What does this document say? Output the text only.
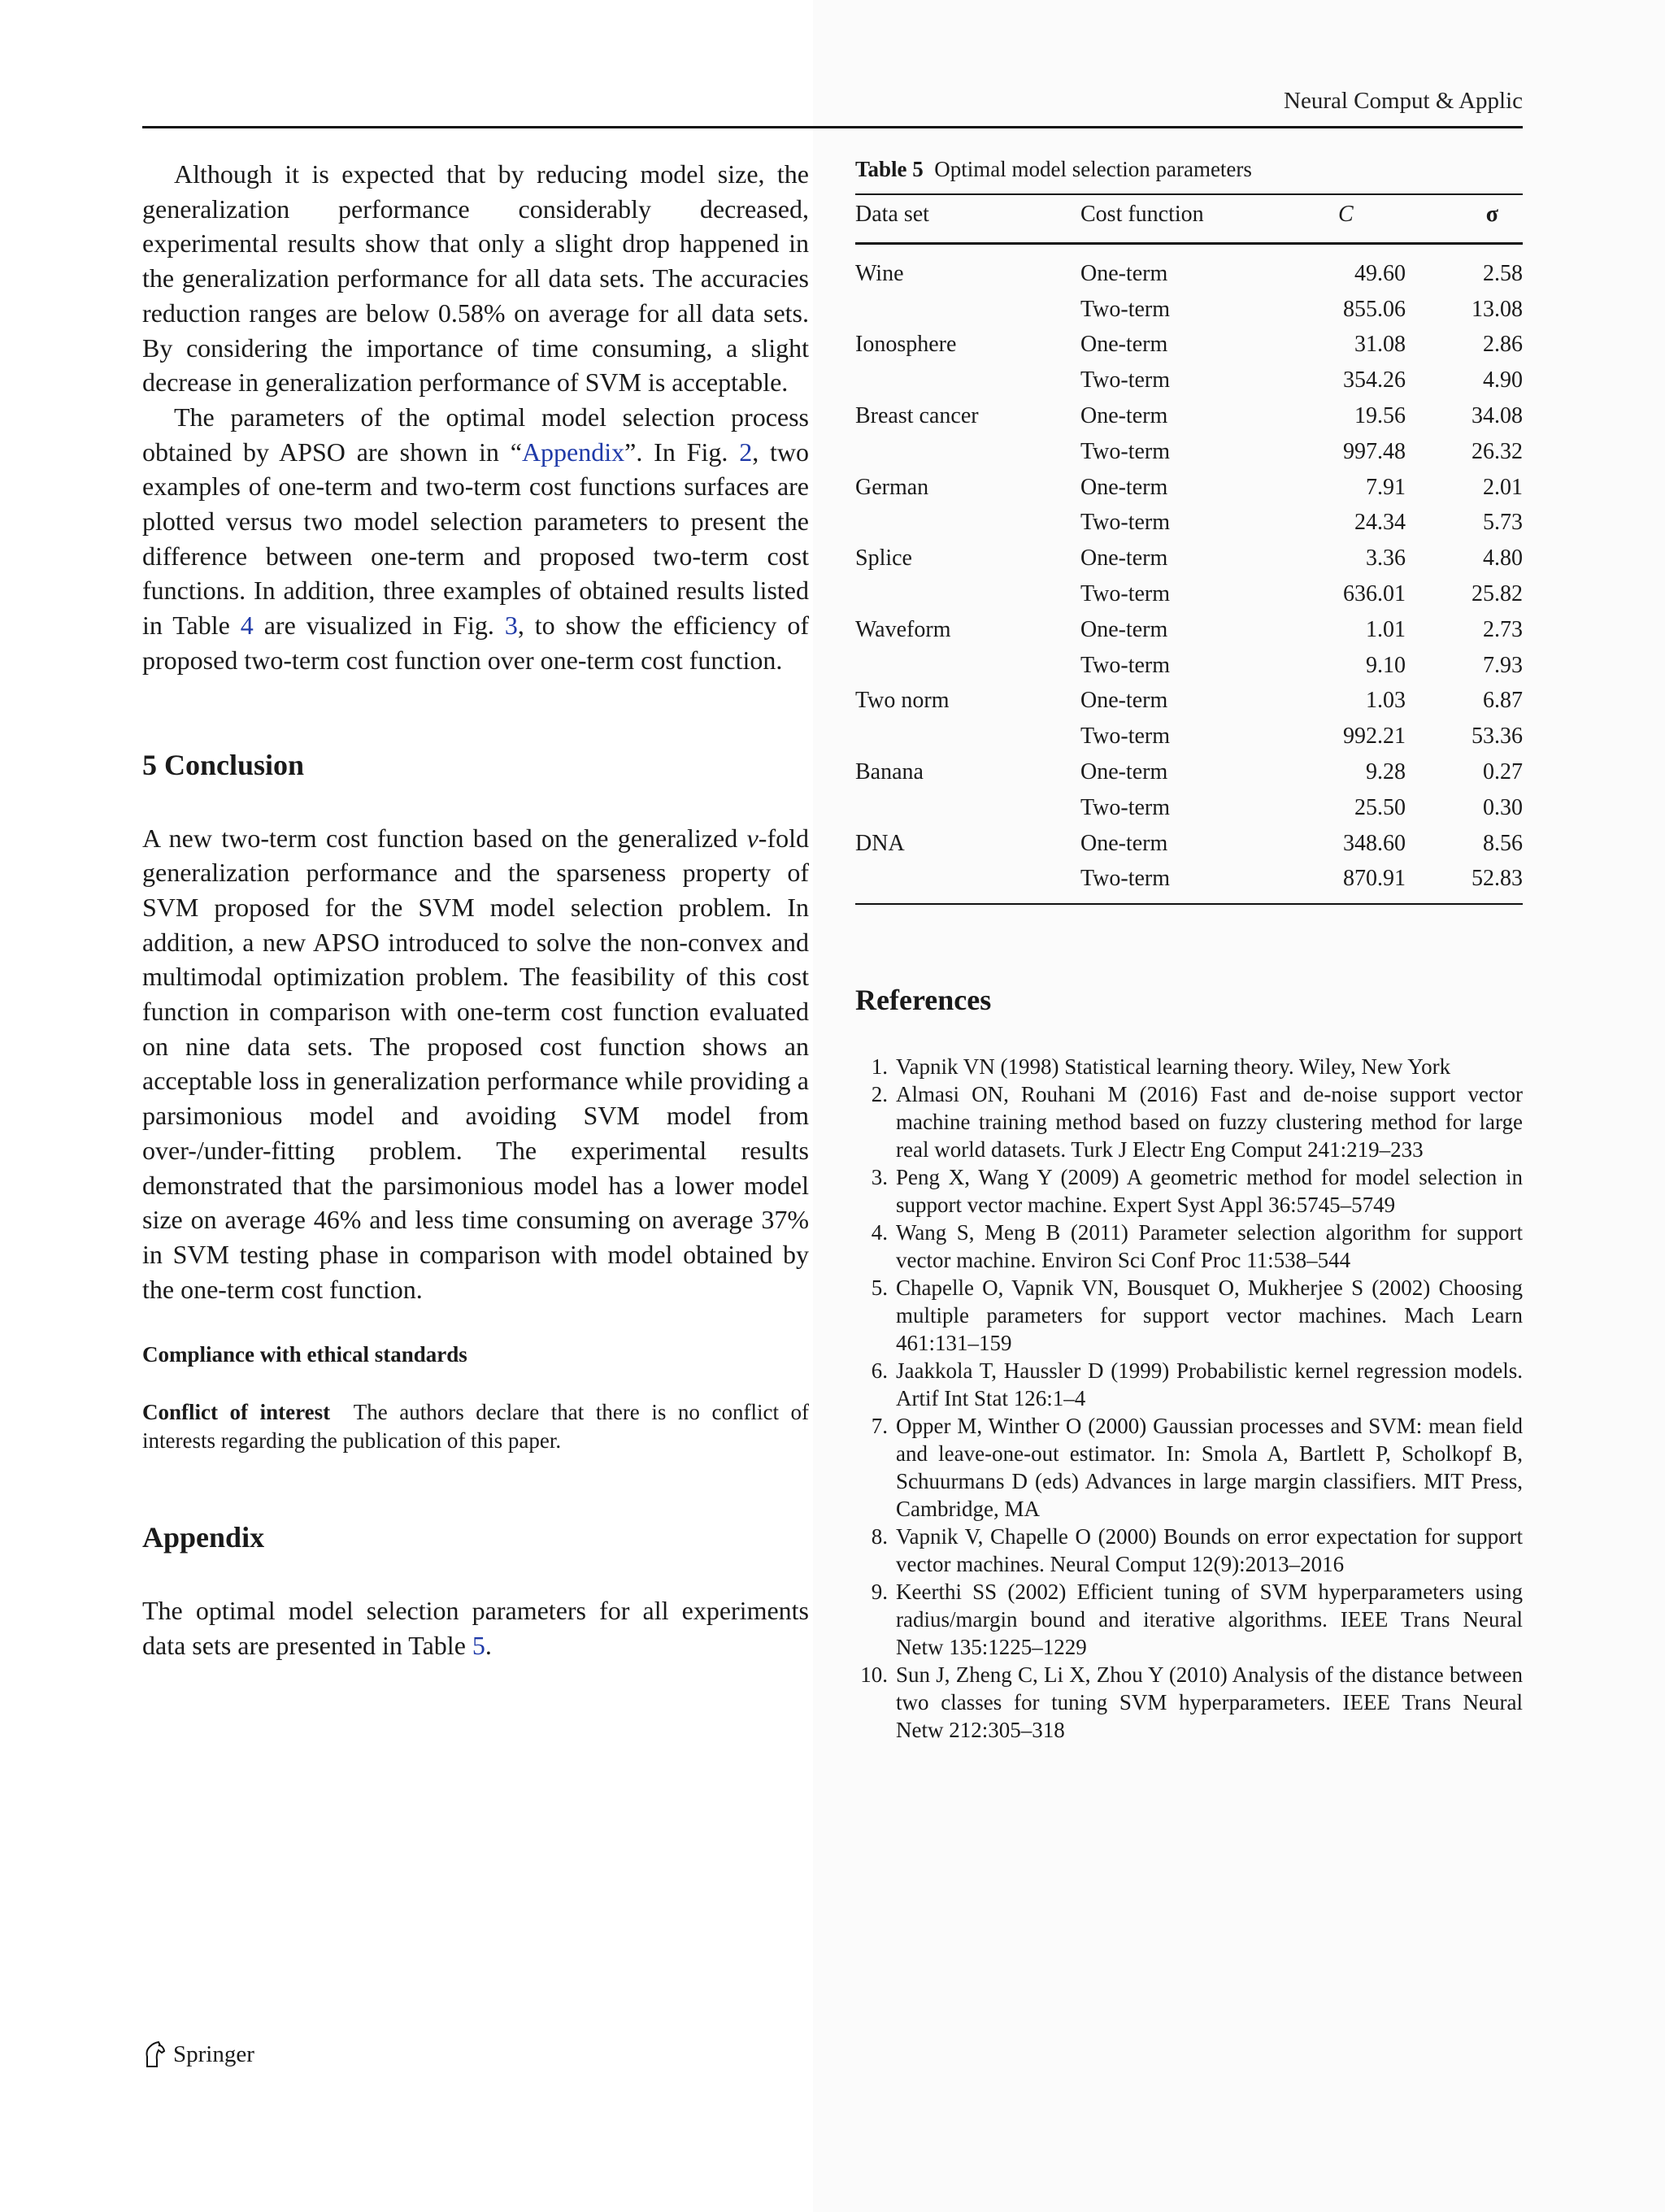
Neural Comput & Applic

Although it is expected that by reducing model size, the generalization performance considerably decreased, experimental results show that only a slight drop happened in the generalization performance for all data sets. The accuracies reduction ranges are below 0.58% on average for all data sets. By considering the importance of time consuming, a slight decrease in generalization performance of SVM is acceptable.

The parameters of the optimal model selection process obtained by APSO are shown in “Appendix”. In Fig. 2, two examples of one-term and two-term cost functions surfaces are plotted versus two model selection parameters to present the difference between one-term and proposed two-term cost functions. In addition, three examples of obtained results listed in Table 4 are visualized in Fig. 3, to show the efficiency of proposed two-term cost function over one-term cost function.

5 Conclusion

A new two-term cost function based on the generalized ν-fold generalization performance and the sparseness property of SVM proposed for the SVM model selection problem. In addition, a new APSO introduced to solve the non-convex and multimodal optimization problem. The feasibility of this cost function in comparison with one-term cost function evaluated on nine data sets. The proposed cost function shows an acceptable loss in generalization performance while providing a parsimonious model and avoiding SVM model from over-/under-fitting problem. The experimental results demonstrated that the parsimonious model has a lower model size on average 46% and less time consuming on average 37% in SVM testing phase in comparison with model obtained by the one-term cost function.

Compliance with ethical standards

Conflict of interest The authors declare that there is no conflict of interests regarding the publication of this paper.

Appendix

The optimal model selection parameters for all experiments data sets are presented in Table 5.

Table 5 Optimal model selection parameters

Data set	Cost function	C	σ
Wine	One-term	49.60	2.58
	Two-term	855.06	13.08
Ionosphere	One-term	31.08	2.86
	Two-term	354.26	4.90
Breast cancer	One-term	19.56	34.08
	Two-term	997.48	26.32
German	One-term	7.91	2.01
	Two-term	24.34	5.73
Splice	One-term	3.36	4.80
	Two-term	636.01	25.82
Waveform	One-term	1.01	2.73
	Two-term	9.10	7.93
Two norm	One-term	1.03	6.87
	Two-term	992.21	53.36
Banana	One-term	9.28	0.27
	Two-term	25.50	0.30
DNA	One-term	348.60	8.56
	Two-term	870.91	52.83
References
1. Vapnik VN (1998) Statistical learning theory. Wiley, New York
2. Almasi ON, Rouhani M (2016) Fast and de-noise support vector machine training method based on fuzzy clustering method for large real world datasets. Turk J Electr Eng Comput 241:219–233
3. Peng X, Wang Y (2009) A geometric method for model selection in support vector machine. Expert Syst Appl 36:5745–5749
4. Wang S, Meng B (2011) Parameter selection algorithm for support vector machine. Environ Sci Conf Proc 11:538–544
5. Chapelle O, Vapnik VN, Bousquet O, Mukherjee S (2002) Choosing multiple parameters for support vector machines. Mach Learn 461:131–159
6. Jaakkola T, Haussler D (1999) Probabilistic kernel regression models. Artif Int Stat 126:1–4
7. Opper M, Winther O (2000) Gaussian processes and SVM: mean field and leave-one-out estimator. In: Smola A, Bartlett P, Scholkopf B, Schuurmans D (eds) Advances in large margin classifiers. MIT Press, Cambridge, MA
8. Vapnik V, Chapelle O (2000) Bounds on error expectation for support vector machines. Neural Comput 12(9):2013–2016
9. Keerthi SS (2002) Efficient tuning of SVM hyperparameters using radius/margin bound and iterative algorithms. IEEE Trans Neural Netw 135:1225–1229
10. Sun J, Zheng C, Li X, Zhou Y (2010) Analysis of the distance between two classes for tuning SVM hyperparameters. IEEE Trans Neural Netw 212:305–318
Springer
